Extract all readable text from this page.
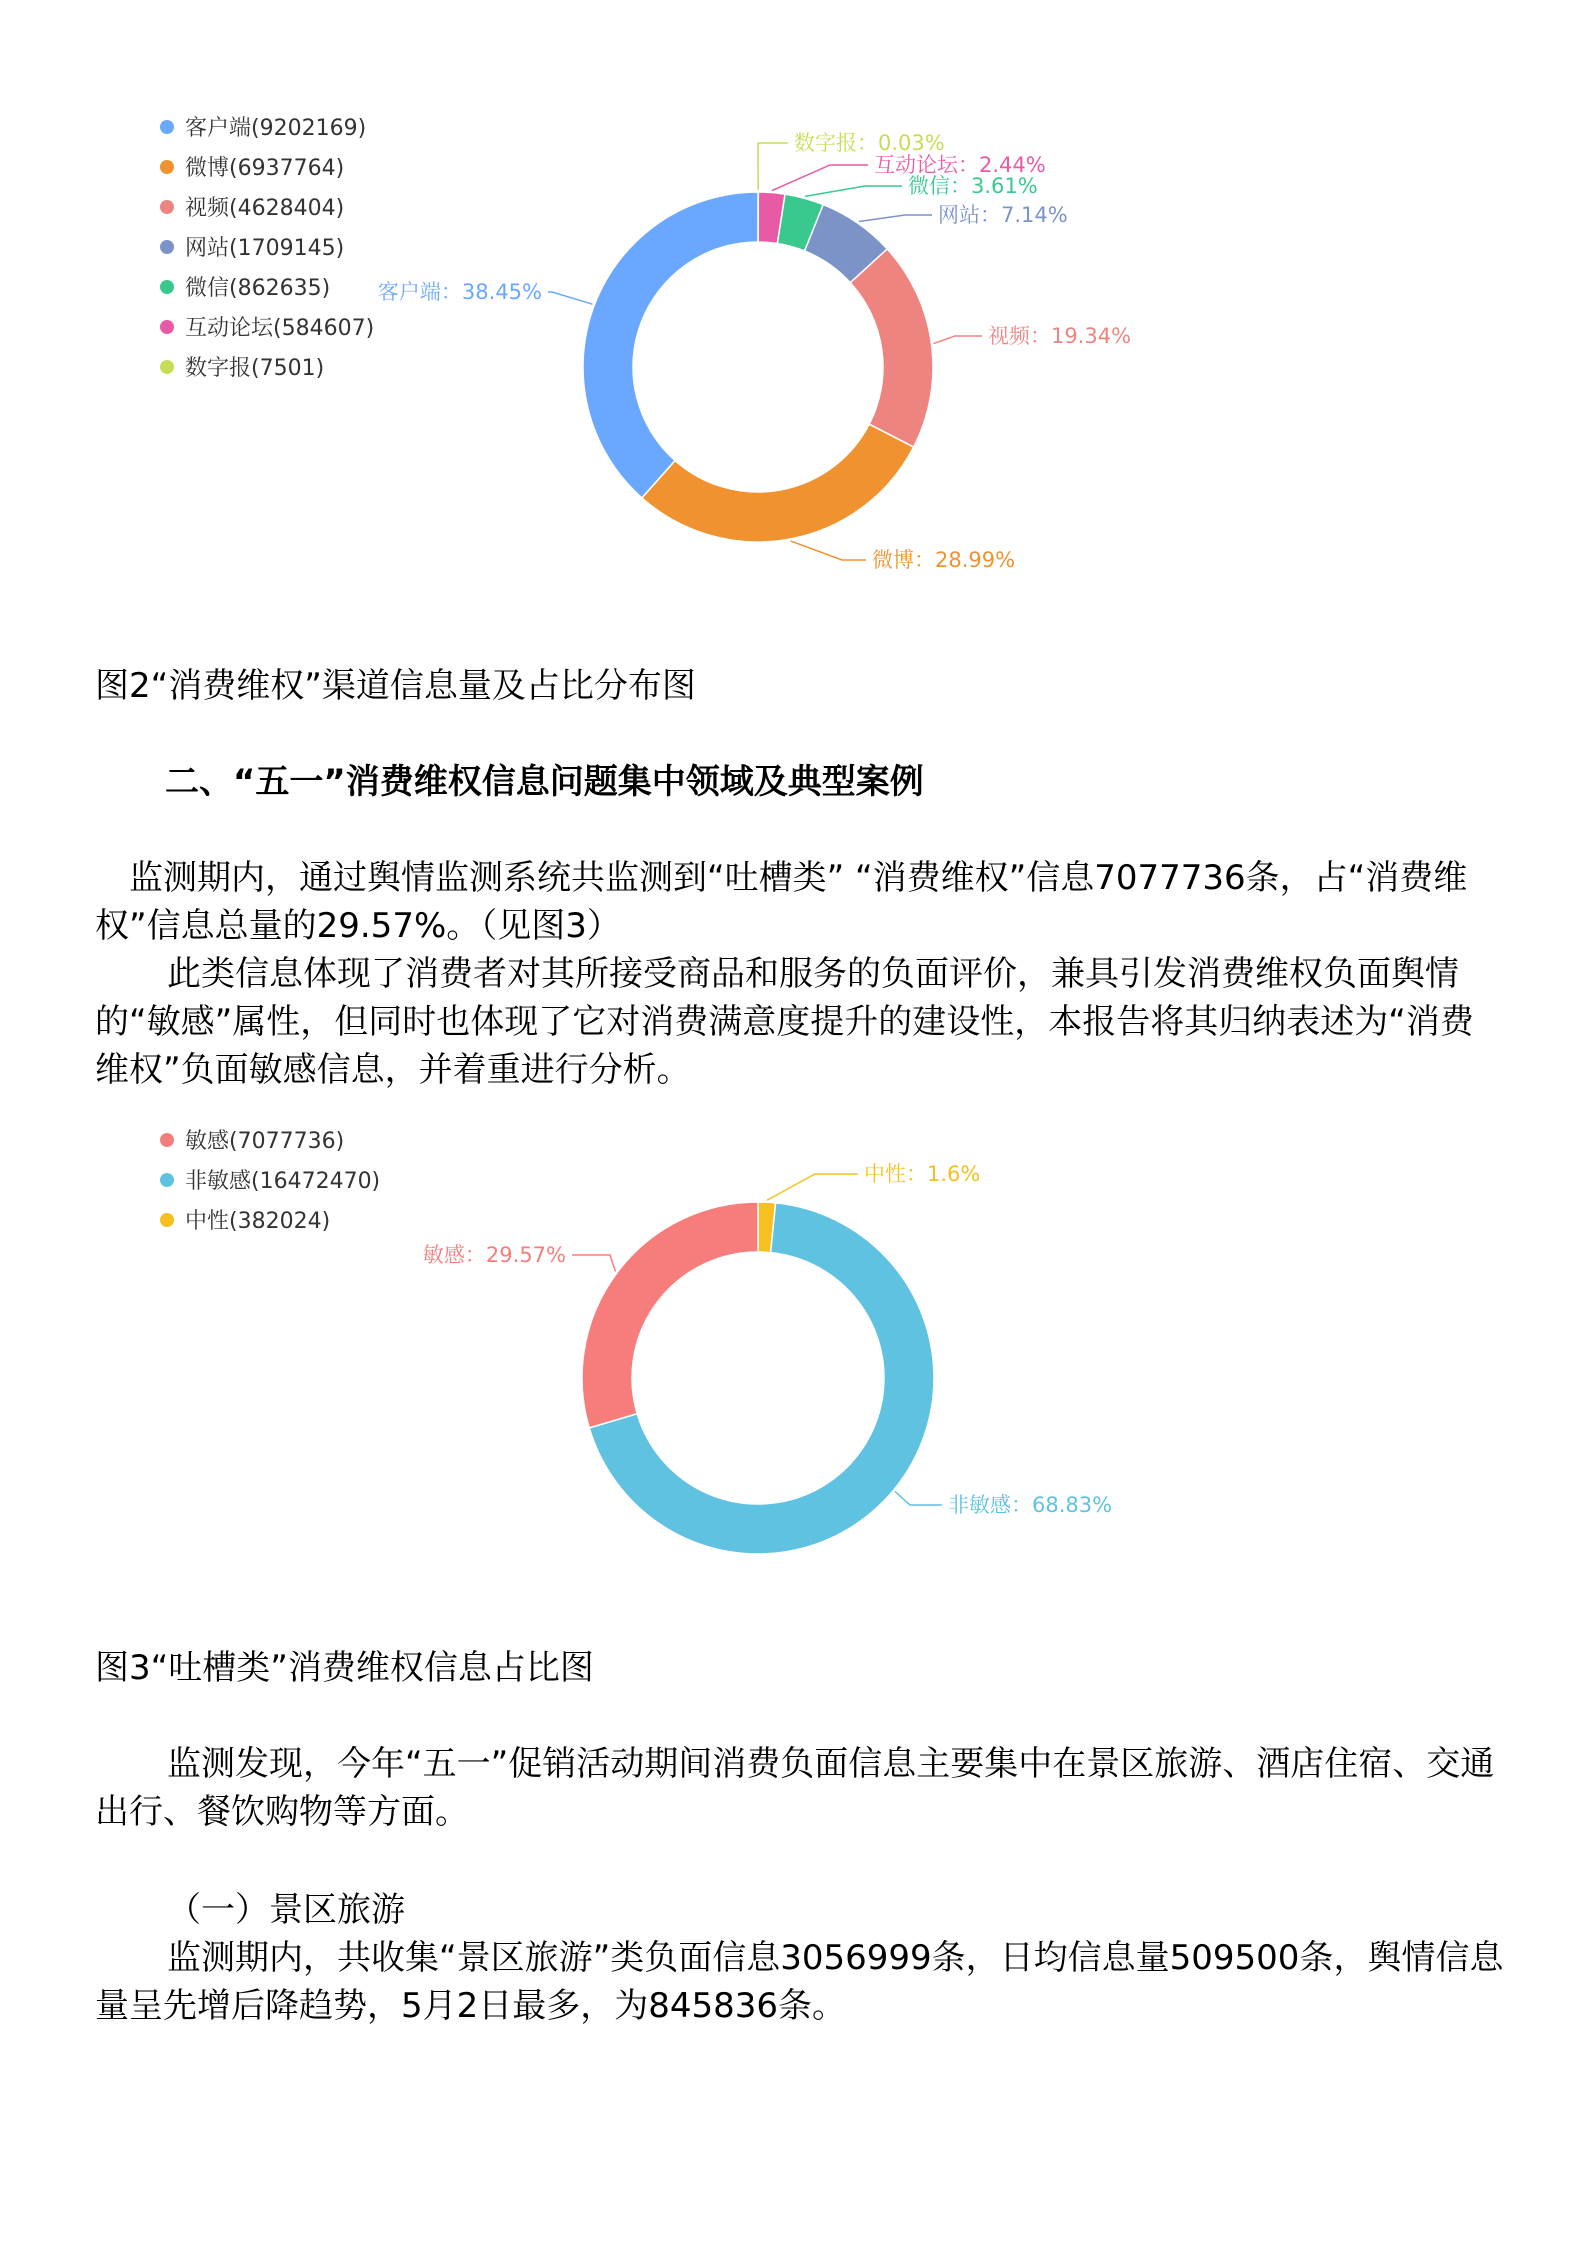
客户端(9202169)
微博(6937764)
视频(4628404)
网站(1709145)
微信(862635)
互动论坛(584607)
数字报(7501)
数字报：0.03%
互动论坛：2.44%
微信：3.61%
网站：7.14%
视频：19.34%
微博：28.99%
客户端：38.45%
图2“消费维权”渠道信息量及占比分布图
二、“五一”消费维权信息问题集中领域及典型案例

监测期内，通过舆情监测系统共监测到“吐槽类” “消费维权”信息7077736条，占“消费维权”信息总量的29.57%。（见图3）

此类信息体现了消费者对其所接受商品和服务的负面评价，兼具引发消费维权负面舆情的“敏感”属性，但同时也体现了它对消费满意度提升的建设性，本报告将其归纳表述为“消费维权”负面敏感信息，并着重进行分析。

敏感(7077736)
非敏感(16472470)
中性(382024)
中性：1.6%
非敏感：68.83%
敏感：29.57%
图3“吐槽类”消费维权信息占比图

监测发现，今年“五一”促销活动期间消费负面信息主要集中在景区旅游、酒店住宿、交通出行、餐饮购物等方面。

（一）景区旅游

监测期内，共收集“景区旅游”类负面信息3056999条，日均信息量509500条，舆情信息量呈先增后降趋势，5月2日最多，为845836条。
